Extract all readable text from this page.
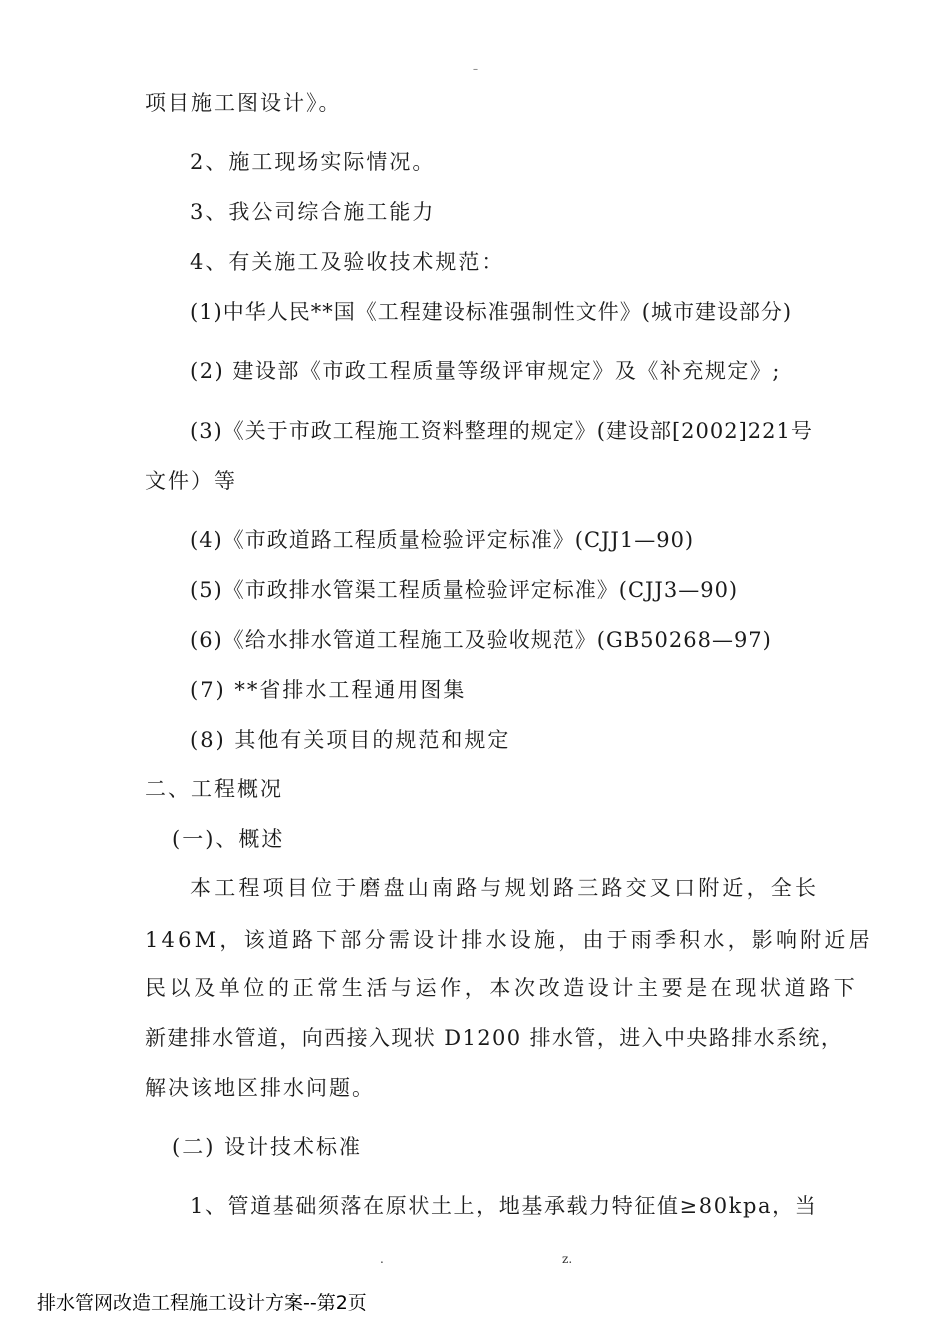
–
项目施工图设计》。
2、施工现场实际情况。
3、我公司综合施工能力
4、有关施工及验收技术规范：
(1)中华人民**国《工程建设标准强制性文件》(城市建设部分)
(2) 建设部《市政工程质量等级评审规定》及《补充规定》;
(3)《关于市政工程施工资料整理的规定》(建设部[2002]221号
文件）等
(4)《市政道路工程质量检验评定标准》(CJJ1—90)
(5)《市政排水管渠工程质量检验评定标准》(CJJ3—90)
(6)《给水排水管道工程施工及验收规范》(GB50268—97)
(7) **省排水工程通用图集
(8) 其他有关项目的规范和规定
二、工程概况
(一)、概述
本工程项目位于磨盘山南路与规划路三路交叉口附近，全长
146M，该道路下部分需设计排水设施，由于雨季积水，影响附近居
民以及单位的正常生活与运作，本次改造设计主要是在现状道路下
新建排水管道，向西接入现状 D1200 排水管，进入中央路排水系统，
解决该地区排水问题。
(二) 设计技术标准
1、管道基础须落在原状土上，地基承载力特征值≥80kpa，当
.	z.
排水管网改造工程施工设计方案--第2页
